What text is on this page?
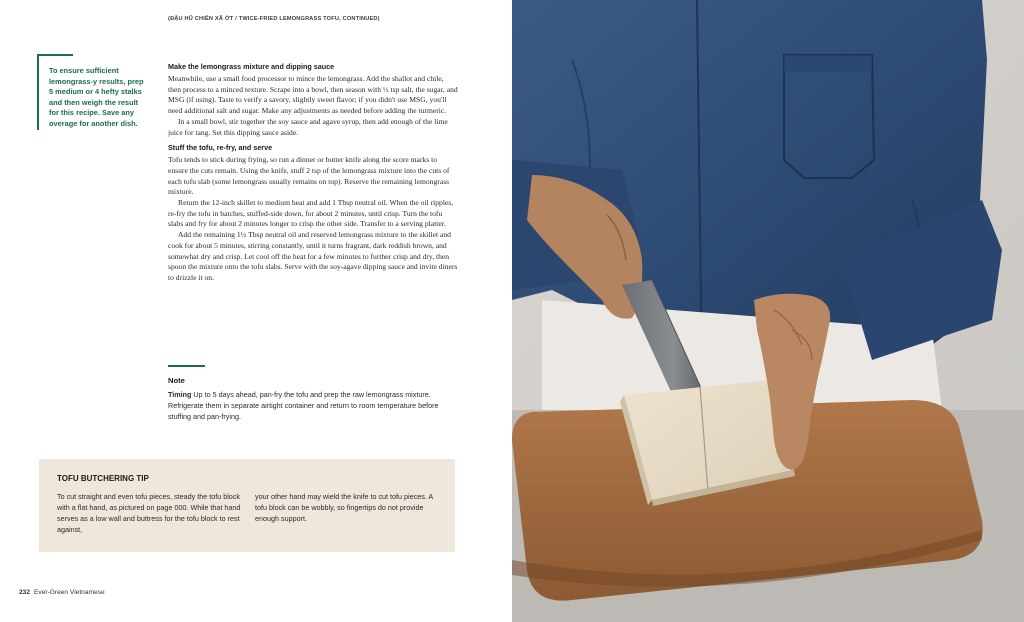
(ĐẬU HŨ CHIÊN XÃ ỚT / TWICE-FRIED LEMONGRASS TOFU, CONTINUED)
To ensure sufficient lemongrass-y results, prep 5 medium or 4 hefty stalks and then weigh the result for this recipe. Save any overage for another dish.
Make the lemongrass mixture and dipping sauce

Meanwhile, use a small food processor to mince the lemongrass. Add the shallot and chile, then process to a minced texture. Scrape into a bowl, then season with ½ tsp salt, the sugar, and MSG (if using). Taste to verify a savory, slightly sweet flavor; if you didn't use MSG, you'll need additional salt and sugar. Make any adjustments as needed before adding the turmeric.

In a small bowl, stir together the soy sauce and agave syrup, then add enough of the lime juice for tang. Set this dipping sauce aside.

Stuff the tofu, re-fry, and serve

Tofu tends to stick during frying, so run a dinner or butter knife along the score marks to ensure the cuts remain. Using the knife, stuff 2 tsp of the lemongrass mixture into the cuts of each tofu slab (some lemongrass usually remains on top). Reserve the remaining lemongrass mixture.

Return the 12-inch skillet to medium heat and add 1 Tbsp neutral oil. When the oil ripples, re-fry the tofu in batches, stuffed-side down, for about 2 minutes, until crisp. Turn the tofu slabs and fry for about 2 minutes longer to crisp the other side. Transfer to a serving platter.

Add the remaining 1½ Tbsp neutral oil and reserved lemongrass mixture to the skillet and cook for about 5 minutes, stirring constantly, until it turns fragrant, dark reddish brown, and somewhat dry and crisp. Let cool off the heat for a few minutes to further crisp and dry, then spoon the mixture onto the tofu slabs. Serve with the soy-agave dipping sauce and invite diners to drizzle it on.

Note
Timing Up to 5 days ahead, pan-fry the tofu and prep the raw lemongrass mixture. Refrigerate them in separate airtight container and return to room temperature before stuffing and pan-frying.
TOFU BUTCHERING TIP
To cut straight and even tofu pieces, steady the tofu block with a flat hand, as pictured on page 000. While that hand serves as a low wall and buttress for the tofu block to rest against,
your other hand may wield the knife to cut tofu pieces. A tofu block can be wobbly, so fingertips do not provide enough support.
232 Ever-Green Vietnamese
